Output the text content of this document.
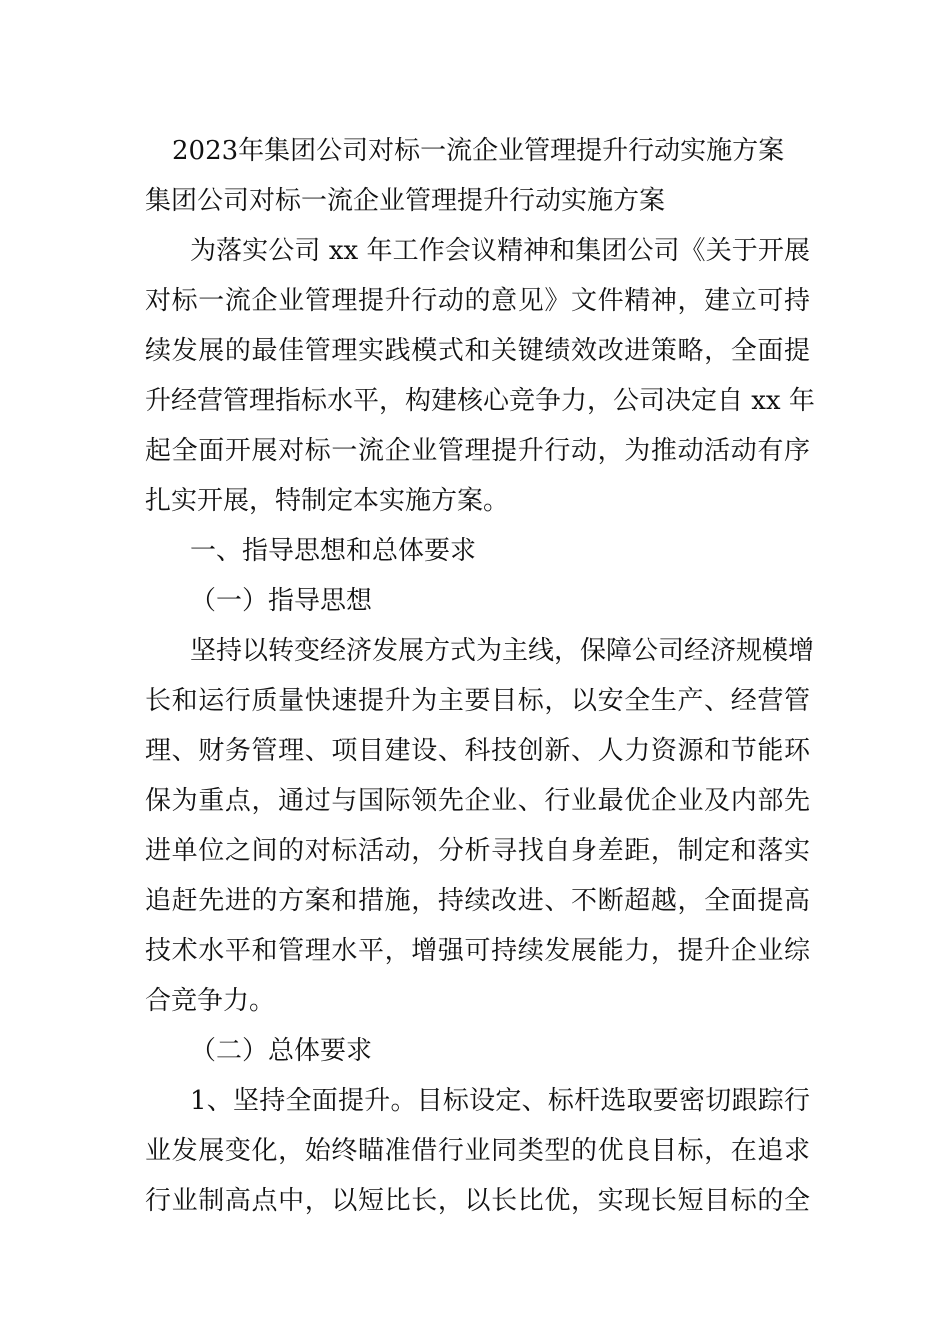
2023年集团公司对标一流企业管理提升行动实施方案
集团公司对标一流企业管理提升行动实施方案
为落实公司 xx 年工作会议精神和集团公司《关于开展
对标一流企业管理提升行动的意见》文件精神，建立可持
续发展的最佳管理实践模式和关键绩效改进策略，全面提
升经营管理指标水平，构建核心竞争力，公司决定自 xx 年
起全面开展对标一流企业管理提升行动，为推动活动有序
扎实开展，特制定本实施方案。
一、指导思想和总体要求
（一）指导思想
坚持以转变经济发展方式为主线，保障公司经济规模增
长和运行质量快速提升为主要目标，以安全生产、经营管
理、财务管理、项目建设、科技创新、人力资源和节能环
保为重点，通过与国际领先企业、行业最优企业及内部先
进单位之间的对标活动，分析寻找自身差距，制定和落实
追赶先进的方案和措施，持续改进、不断超越，全面提高
技术水平和管理水平，增强可持续发展能力，提升企业综
合竞争力。
（二）总体要求
1、坚持全面提升。目标设定、标杆选取要密切跟踪行
业发展变化，始终瞄准借行业同类型的优良目标，在追求
行业制高点中，以短比长，以长比优，实现长短目标的全
